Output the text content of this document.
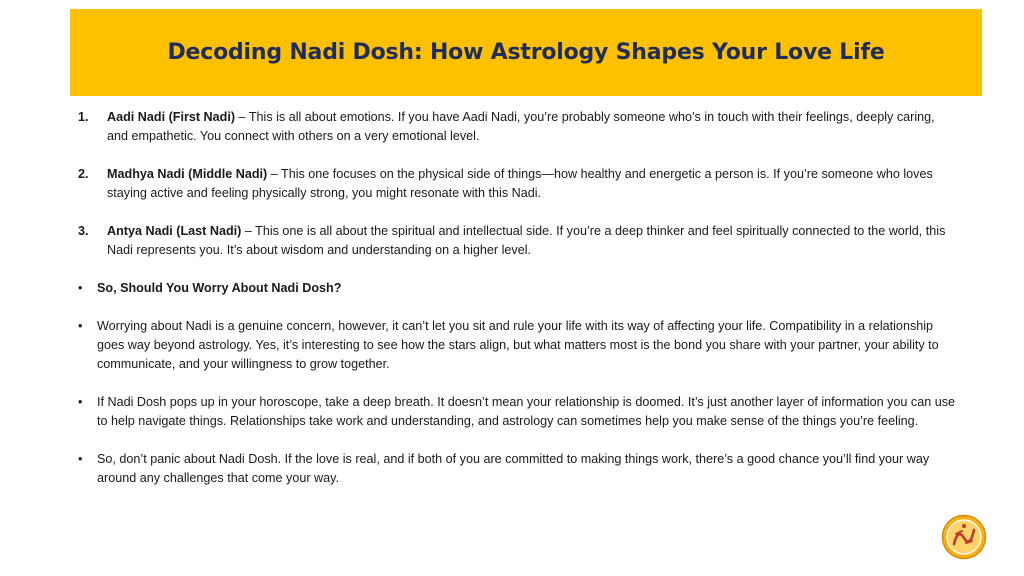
Decoding Nadi Dosh: How Astrology Shapes Your Love Life
1.	Aadi Nadi (First Nadi) – This is all about emotions. If you have Aadi Nadi, you’re probably someone who’s in touch with their feelings, deeply caring, and empathetic. You connect with others on a very emotional level.
2.	Madhya Nadi (Middle Nadi) – This one focuses on the physical side of things—how healthy and energetic a person is. If you’re someone who loves staying active and feeling physically strong, you might resonate with this Nadi.
3.	Antya Nadi (Last Nadi) – This one is all about the spiritual and intellectual side. If you’re a deep thinker and feel spiritually connected to the world, this Nadi represents you. It’s about wisdom and understanding on a higher level.
•	So, Should You Worry About Nadi Dosh?
•	Worrying about Nadi is a genuine concern, however, it can’t let you sit and rule your life with its way of affecting your life. Compatibility in a relationship goes way beyond astrology. Yes, it’s interesting to see how the stars align, but what matters most is the bond you share with your partner, your ability to communicate, and your willingness to grow together.
•	If Nadi Dosh pops up in your horoscope, take a deep breath. It doesn’t mean your relationship is doomed. It’s just another layer of information you can use to help navigate things. Relationships take work and understanding, and astrology can sometimes help you make sense of the things you’re feeling.
•	So, don’t panic about Nadi Dosh. If the love is real, and if both of you are committed to making things work, there’s a good chance you’ll find your way around any challenges that come your way.
